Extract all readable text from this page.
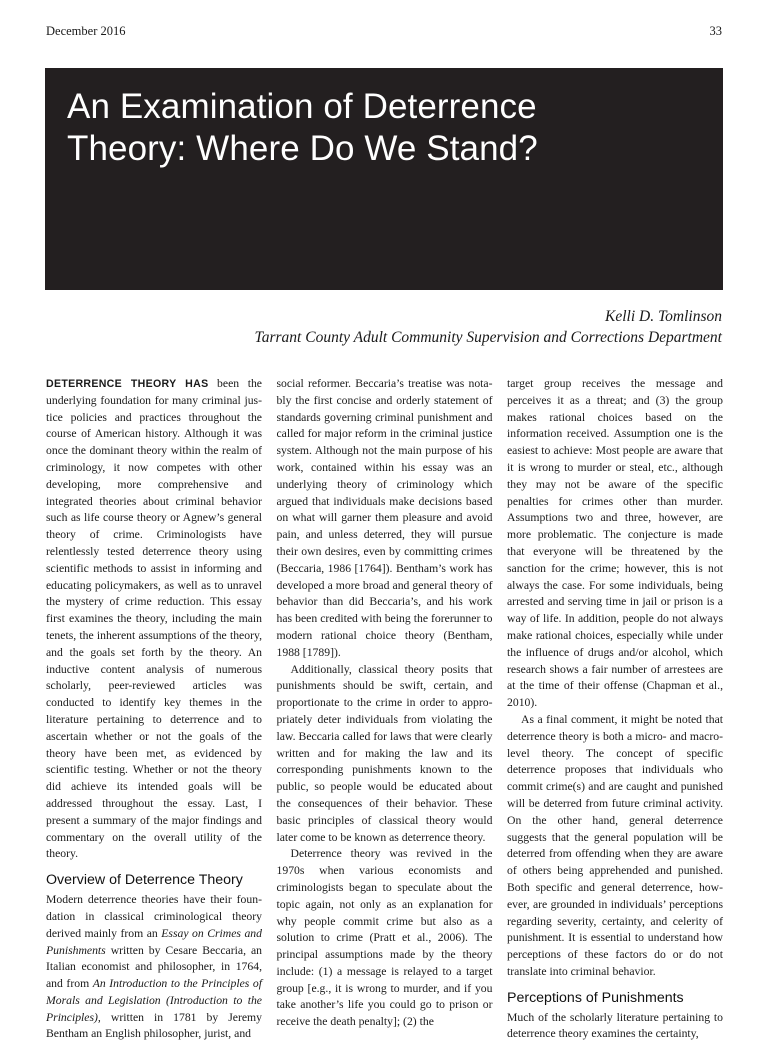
December 2016	33
An Examination of Deterrence
Theory: Where Do We Stand?
Kelli D. Tomlinson
Tarrant County Adult Community Supervision and Corrections Department

DETERRENCE THEORY HAS been the underlying foundation for many criminal justice policies and practices throughout the course of American history. Although it was once the dominant theory within the realm of criminology, it now competes with other developing, more comprehensive and integrated theories about criminal behavior such as life course theory or Agnew’s general theory of crime. Criminologists have relentlessly tested deterrence theory using scientific methods to assist in informing and educating policymakers, as well as to unravel the mystery of crime reduction. This essay first examines the theory, including the main tenets, the inherent assumptions of the theory, and the goals set forth by the theory. An inductive content analysis of numerous scholarly, peer-reviewed articles was conducted to identify key themes in the literature pertaining to deterrence and to ascertain whether or not the goals of the theory have been met, as evidenced by scientific testing. Whether or not the theory did achieve its intended goals will be addressed throughout the essay. Last, I present a summary of the major findings and commentary on the overall utility of the theory.

Overview of Deterrence Theory

Modern deterrence theories have their foundation in classical criminological theory derived mainly from an Essay on Crimes and Punishments written by Cesare Beccaria, an Italian economist and philosopher, in 1764, and from An Introduction to the Principles of Morals and Legislation (Introduction to the Principles), written in 1781 by Jeremy Bentham an English philosopher, jurist, and

social reformer. Beccaria’s treatise was notably the first concise and orderly statement of standards governing criminal punishment and called for major reform in the criminal justice system. Although not the main purpose of his work, contained within his essay was an underlying theory of criminology which argued that individuals make decisions based on what will garner them pleasure and avoid pain, and unless deterred, they will pursue their own desires, even by committing crimes (Beccaria, 1986 [1764]). Bentham’s work has developed a more broad and general theory of behavior than did Beccaria’s, and his work has been credited with being the forerunner to modern rational choice theory (Bentham, 1988 [1789]).

Additionally, classical theory posits that punishments should be swift, certain, and proportionate to the crime in order to appropriately deter individuals from violating the law. Beccaria called for laws that were clearly written and for making the law and its corresponding punishments known to the public, so people would be educated about the consequences of their behavior. These basic principles of classical theory would later come to be known as deterrence theory.

Deterrence theory was revived in the 1970s when various economists and criminologists began to speculate about the topic again, not only as an explanation for why people commit crime but also as a solution to crime (Pratt et al., 2006). The principal assumptions made by the theory include: (1) a message is relayed to a target group [e.g., it is wrong to murder, and if you take another’s life you could go to prison or receive the death penalty]; (2) the

target group receives the message and perceives it as a threat; and (3) the group makes rational choices based on the information received. Assumption one is the easiest to achieve: Most people are aware that it is wrong to murder or steal, etc., although they may not be aware of the specific penalties for crimes other than murder. Assumptions two and three, however, are more problematic. The conjecture is made that everyone will be threatened by the sanction for the crime; however, this is not always the case. For some individuals, being arrested and serving time in jail or prison is a way of life. In addition, people do not always make rational choices, especially while under the influence of drugs and/or alcohol, which research shows a fair number of arrestees are at the time of their offense (Chapman et al., 2010).

As a final comment, it might be noted that deterrence theory is both a micro- and macro-level theory. The concept of specific deterrence proposes that individuals who commit crime(s) and are caught and punished will be deterred from future criminal activity. On the other hand, general deterrence suggests that the general population will be deterred from offending when they are aware of others being apprehended and punished. Both specific and general deterrence, however, are grounded in individuals’ perceptions regarding severity, certainty, and celerity of punishment. It is essential to understand how perceptions of these factors do or do not translate into criminal behavior.

Perceptions of Punishments

Much of the scholarly literature pertaining to deterrence theory examines the certainty,
